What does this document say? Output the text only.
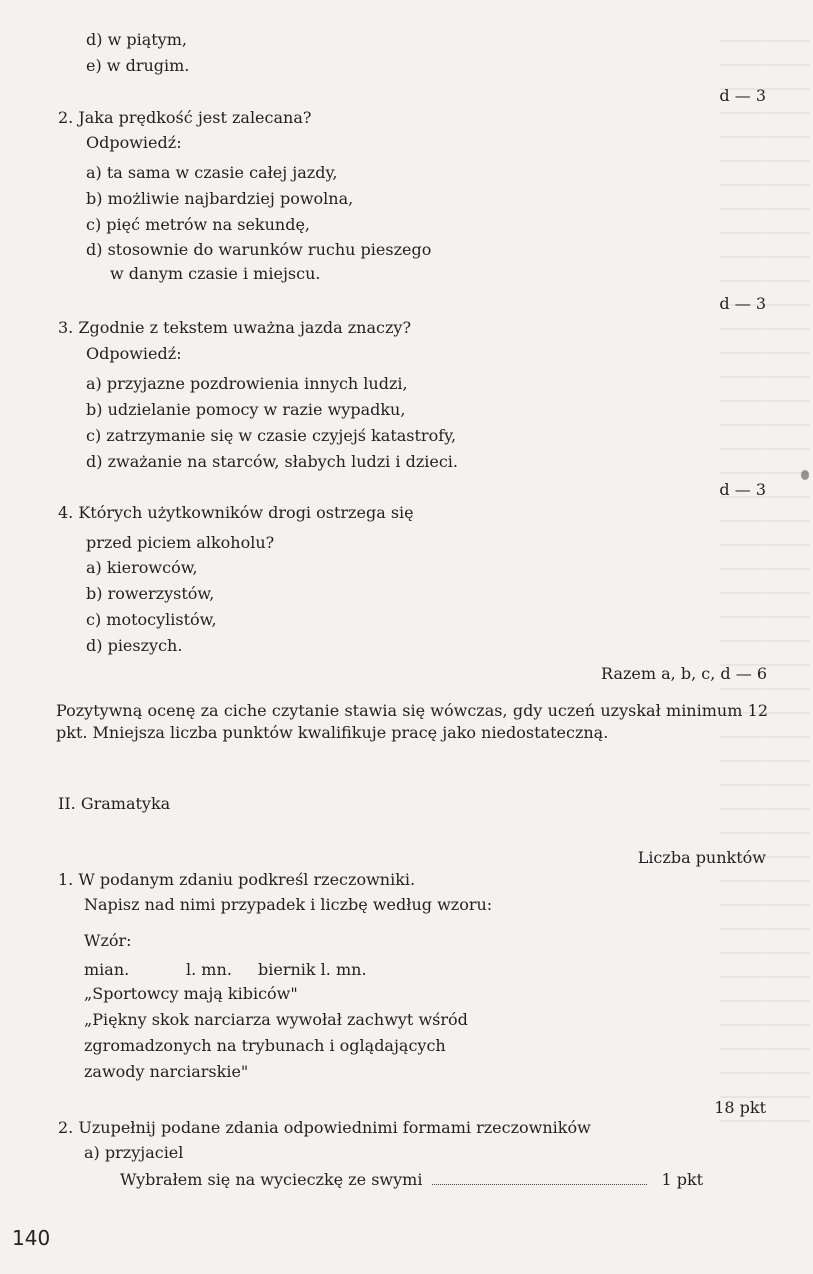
d) w piątym,
e) w drugim.
d — 3
2. Jaka prędkość jest zalecana?
Odpowiedź:
a) ta sama w czasie całej jazdy,
b) możliwie najbardziej powolna,
c) pięć metrów na sekundę,
d) stosownie do warunków ruchu pieszego
w danym czasie i miejscu.
d — 3
3. Zgodnie z tekstem uważna jazda znaczy?
Odpowiedź:
a) przyjazne pozdrowienia innych ludzi,
b) udzielanie pomocy w razie wypadku,
c) zatrzymanie się w czasie czyjejś katastrofy,
d) zważanie na starców, słabych ludzi i dzieci.
d — 3
4. Których użytkowników drogi ostrzega się
przed piciem alkoholu?
a) kierowców,
b) rowerzystów,
c) motocylistów,
d) pieszych.
Razem a, b, c, d — 6
Pozytywną ocenę za ciche czytanie stawia się wówczas, gdy uczeń uzyskał minimum 12 pkt. Mniejsza liczba punktów kwalifikuje pracę jako niedostateczną.
II. Gramatyka
Liczba punktów
1. W podanym zdaniu podkreśl rzeczowniki.
Napisz nad nimi przypadek i liczbę według wzoru:
Wzór:
mian.	l. mn. biernik l. mn.
„Sportowcy mają kibiców"
„Piękny skok narciarza wywołał zachwyt wśród
zgromadzonych na trybunach i oglądających
zawody narciarskie"
18 pkt
2. Uzupełnij podane zdania odpowiednimi formami rzeczowników
a) przyjaciel
Wybrałem się na wycieczkę ze swymi	1 pkt
140
